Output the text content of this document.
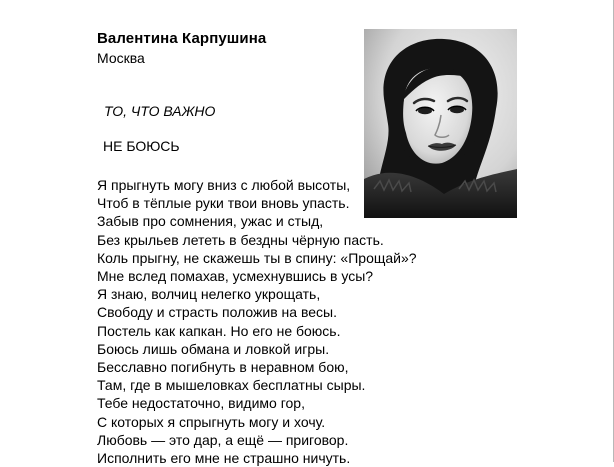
Валентина Карпушина
Москва
ТО, ЧТО ВАЖНО
НЕ БОЮСЬ
Я прыгнуть могу вниз с любой высоты,
Чтоб в тёплые руки твои вновь упасть.
Забыв про сомнения, ужас и стыд,
Без крыльев лететь в бездны чёрную пасть.
Коль прыгну, не скажешь ты в спину: «Прощай»?
Мне вслед помахав, усмехнувшись в усы?
Я знаю, волчиц нелегко укрощать,
Свободу и страсть положив на весы.
Постель как капкан. Но его не боюсь.
Боюсь лишь обмана и ловкой игры.
Бесславно погибнуть в неравном бою,
Там, где в мышеловках бесплатны сыры.
Тебе недостаточно, видимо гор,
С которых я спрыгнуть могу и хочу.
Любовь — это дар, а ещё — приговор.
Исполнить его мне не страшно ничуть.
